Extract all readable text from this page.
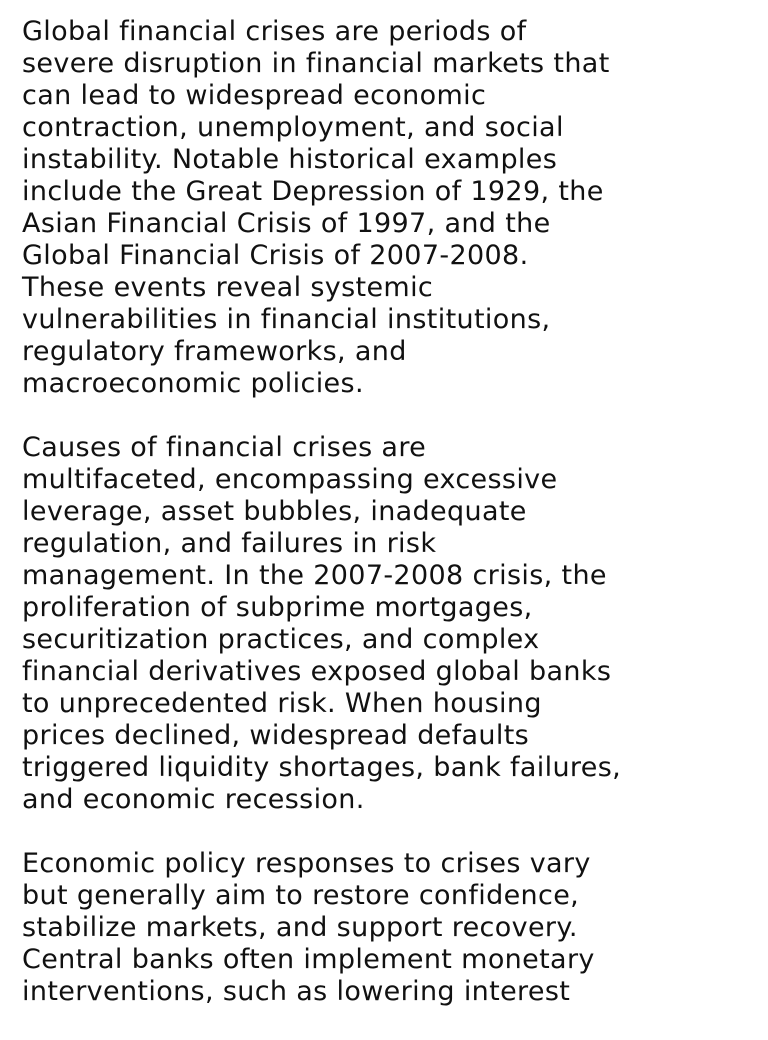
Global financial crises are periods of
severe disruption in financial markets that
can lead to widespread economic
contraction, unemployment, and social
instability. Notable historical examples
include the Great Depression of 1929, the
Asian Financial Crisis of 1997, and the
Global Financial Crisis of 2007-2008.
These events reveal systemic
vulnerabilities in financial institutions,
regulatory frameworks, and
macroeconomic policies.
Causes of financial crises are
multifaceted, encompassing excessive
leverage, asset bubbles, inadequate
regulation, and failures in risk
management. In the 2007-2008 crisis, the
proliferation of subprime mortgages,
securitization practices, and complex
financial derivatives exposed global banks
to unprecedented risk. When housing
prices declined, widespread defaults
triggered liquidity shortages, bank failures,
and economic recession.
Economic policy responses to crises vary
but generally aim to restore confidence,
stabilize markets, and support recovery.
Central banks often implement monetary
interventions, such as lowering interest
